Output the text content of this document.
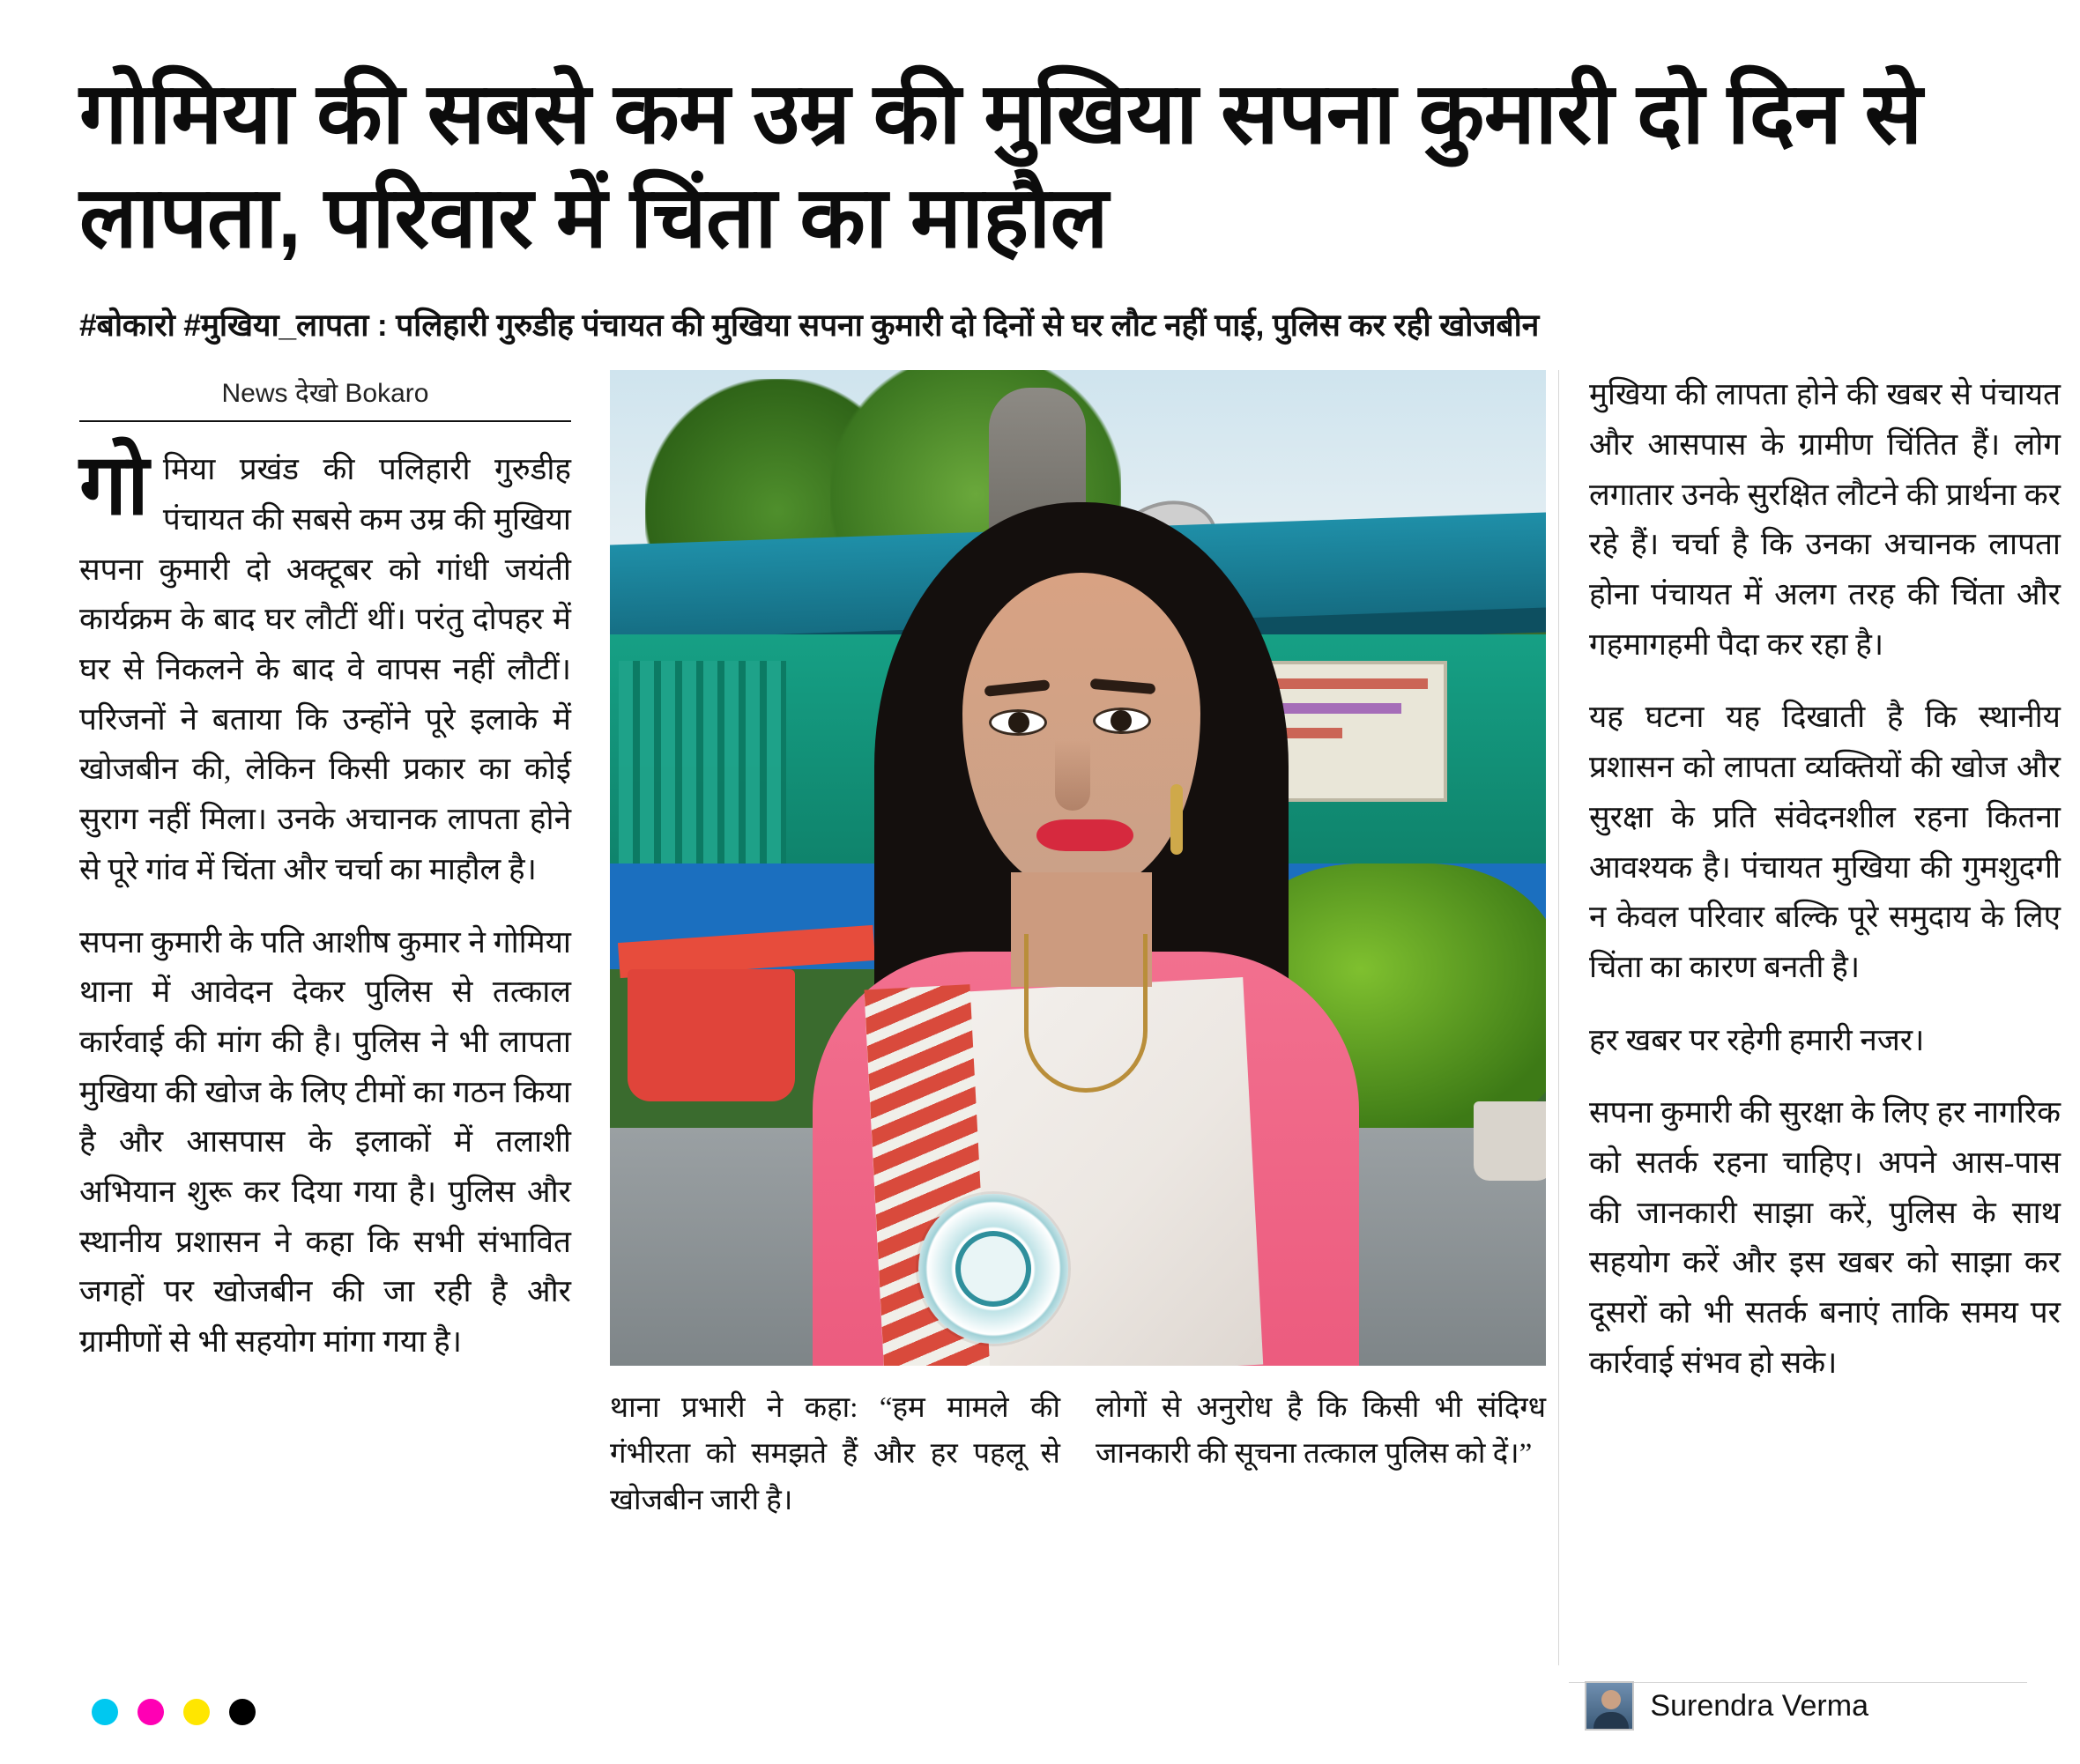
गोमिया की सबसे कम उम्र की मुखिया सपना कुमारी दो दिन से लापता, परिवार में चिंता का माहौल
#बोकारो #मुखिया_लापता : पलिहारी गुरुडीह पंचायत की मुखिया सपना कुमारी दो दिनों से घर लौट नहीं पाई, पुलिस कर रही खोजबीन
News देखो Bokaro

गोमिया प्रखंड की पलिहारी गुरुडीह पंचायत की सबसे कम उम्र की मुखिया सपना कुमारी दो अक्टूबर को गांधी जयंती कार्यक्रम के बाद घर लौटीं थीं। परंतु दोपहर में घर से निकलने के बाद वे वापस नहीं लौटीं। परिजनों ने बताया कि उन्होंने पूरे इलाके में खोजबीन की, लेकिन किसी प्रकार का कोई सुराग नहीं मिला। उनके अचानक लापता होने से पूरे गांव में चिंता और चर्चा का माहौल है।

सपना कुमारी के पति आशीष कुमार ने गोमिया थाना में आवेदन देकर पुलिस से तत्काल कार्रवाई की मांग की है। पुलिस ने भी लापता मुखिया की खोज के लिए टीमों का गठन किया है और आसपास के इलाकों में तलाशी अभियान शुरू कर दिया गया है। पुलिस और स्थानीय प्रशासन ने कहा कि सभी संभावित जगहों पर खोजबीन की जा रही है और ग्रामीणों से भी सहयोग मांगा गया है।

थाना प्रभारी ने कहा: “हम मामले की गंभीरता को समझते हैं और हर पहलू से खोजबीन जारी है।
लोगों से अनुरोध है कि किसी भी संदिग्ध जानकारी की सूचना तत्काल पुलिस को दें।”

मुखिया की लापता होने की खबर से पंचायत और आसपास के ग्रामीण चिंतित हैं। लोग लगातार उनके सुरक्षित लौटने की प्रार्थना कर रहे हैं। चर्चा है कि उनका अचानक लापता होना पंचायत में अलग तरह की चिंता और गहमागहमी पैदा कर रहा है।

यह घटना यह दिखाती है कि स्थानीय प्रशासन को लापता व्यक्तियों की खोज और सुरक्षा के प्रति संवेदनशील रहना कितना आवश्यक है। पंचायत मुखिया की गुमशुदगी न केवल परिवार बल्कि पूरे समुदाय के लिए चिंता का कारण बनती है।

हर खबर पर रहेगी हमारी नजर।

सपना कुमारी की सुरक्षा के लिए हर नागरिक को सतर्क रहना चाहिए। अपने आस-पास की जानकारी साझा करें, पुलिस के साथ सहयोग करें और इस खबर को साझा कर दूसरों को भी सतर्क बनाएं ताकि समय पर कार्रवाई संभव हो सके।

Surendra Verma
